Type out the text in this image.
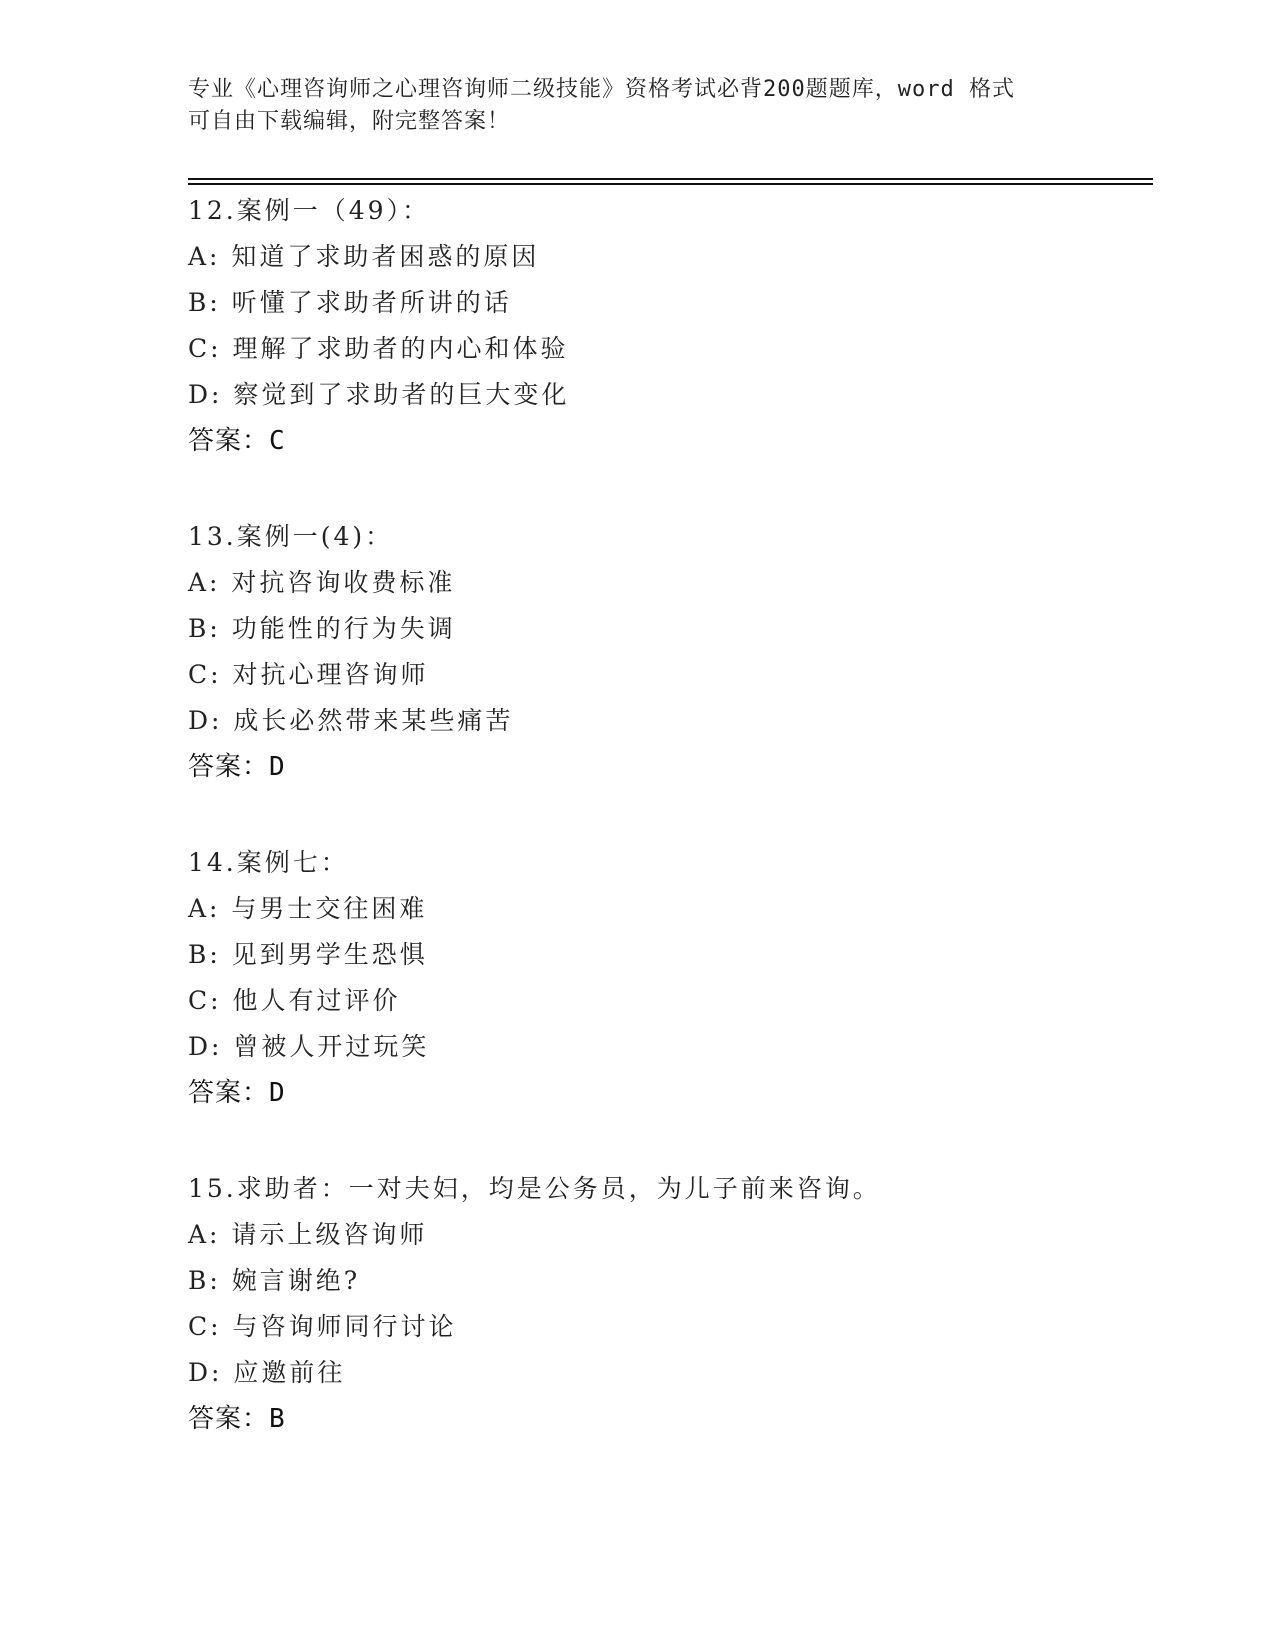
专业《心理咨询师之心理咨询师二级技能》资格考试必背200题题库，word 格式
可自由下载编辑，附完整答案！
12.案例一（49）：
A: 知道了求助者困惑的原因
B: 听懂了求助者所讲的话
C: 理解了求助者的内心和体验
D: 察觉到了求助者的巨大变化
答案：C
13.案例一(4)：
A: 对抗咨询收费标准
B: 功能性的行为失调
C: 对抗心理咨询师
D: 成长必然带来某些痛苦
答案：D
14.案例七：
A: 与男士交往困难
B: 见到男学生恐惧
C: 他人有过评价
D: 曾被人开过玩笑
答案：D
15.求助者：一对夫妇，均是公务员，为儿子前来咨询。
A: 请示上级咨询师
B: 婉言谢绝?
C: 与咨询师同行讨论
D: 应邀前往
答案：B
